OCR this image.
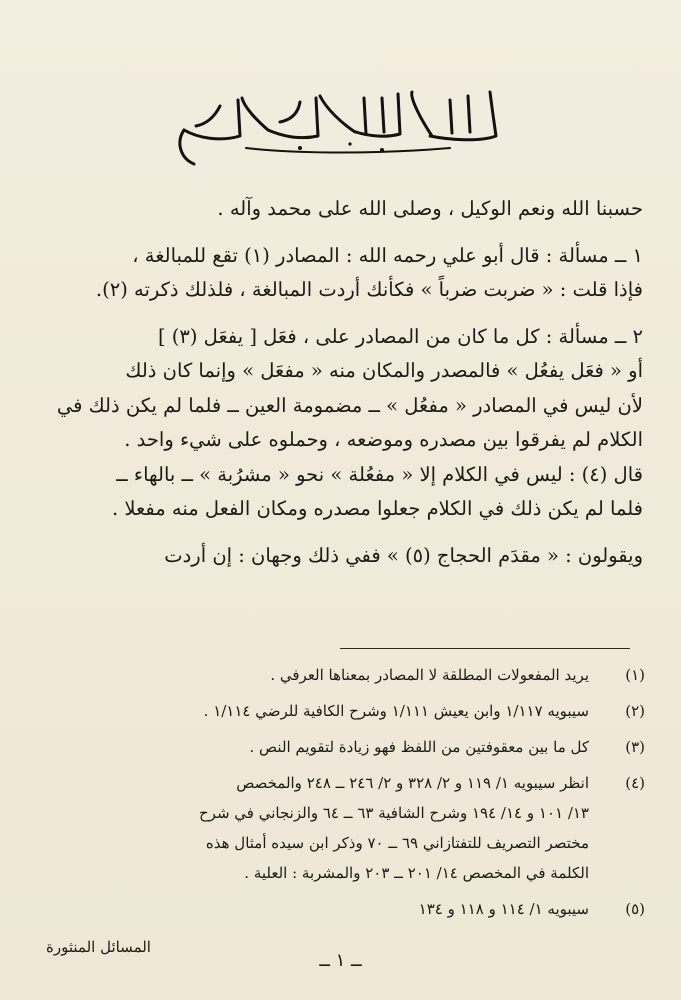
حسبنا الله ونعم الوكيل ، وصلى الله على محمد وآله .

١ ــ مسألة : قال أبو علي رحمه الله : المصادر (١) تقع للمبالغة ،

فإذا قلت : « ضربت ضرباً » فكأنك أردت المبالغة ، فلذلك ذكرته (٢).

٢ ــ مسألة : كل ما كان من المصادر على ، فعَل [ يفعَل (٣) ]

أو « فعَل يفعُل » فالمصدر والمكان منه « مفعَل » وإنما كان ذلك

لأن ليس في المصادر « مفعُل » ــ مضمومة العين ــ فلما لم يكن ذلك في

الكلام لم يفرقوا بين مصدره وموضعه ، وحملوه على شيء واحد .

قال (٤) : ليس في الكلام إلا « مفعُلة » نحو « مشرُبة » ــ بالهاء ــ

فلما لم يكن ذلك في الكلام جعلوا مصدره ومكان الفعل منه مفعلا .

ويقولون : « مقدَم الحجاج (٥) » ففي ذلك وجهان : إن أردت

(١)
يريد المفعولات المطلقة لا المصادر بمعناها العرفي .
(٢)
سيبويه ١/١١٧ وابن يعيش ١/١١١ وشرح الكافية للرضي ١/١١٤ .
(٣)
كل ما بين معقوفتين من اللفظ فهو زيادة لتقويم النص .
(٤)
انظر سيبويه ١/ ١١٩ و ٢/ ٣٢٨ و ٢/ ٢٤٦ ــ ٢٤٨ والمخصص
١٣/ ١٠١ و ١٤/ ١٩٤ وشرح الشافية ٦٣ ــ ٦٤ والزنجاني في شرح
مختصر التصريف للتفتازاني ٦٩ ــ ٧٠ وذكر ابن سيده أمثال هذه
الكلمة في المخصص ١٤/ ٢٠١ ــ ٢٠٣ والمشربة : العلية .
(٥)
سيبويه ١/ ١١٤ و ١١٨ و ١٣٤
المسائل المنثورة
ــ ١ ــ
